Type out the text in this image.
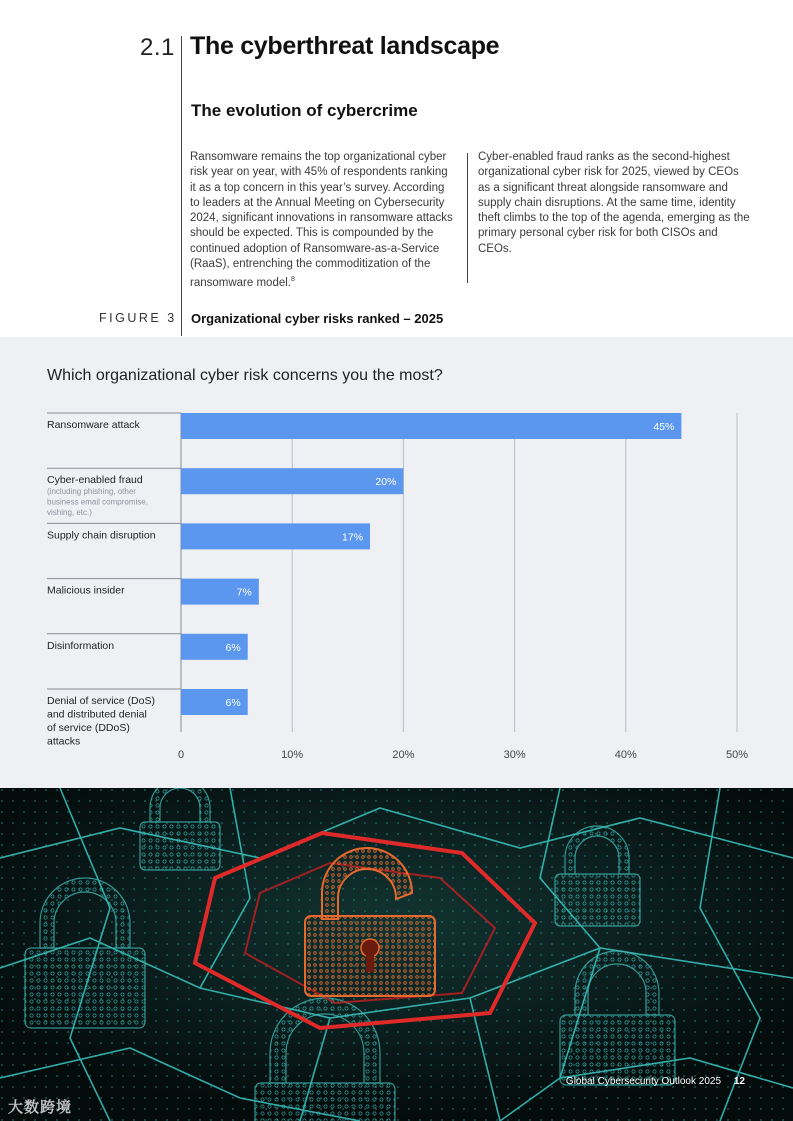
2.1 The cyberthreat landscape
The evolution of cybercrime
Ransomware remains the top organizational cyber risk year on year, with 45% of respondents ranking it as a top concern in this year’s survey. According to leaders at the Annual Meeting on Cybersecurity 2024, significant innovations in ransomware attacks should be expected. This is compounded by the continued adoption of Ransomware-as-a-Service (RaaS), entrenching the commoditization of the ransomware model.$^8$
Cyber-enabled fraud ranks as the second-highest organizational cyber risk for 2025, viewed by CEOs as a significant threat alongside ransomware and supply chain disruptions. At the same time, identity theft climbs to the top of the agenda, emerging as the primary personal cyber risk for both CISOs and CEOs.
FIGURE 3 Organizational cyber risks ranked – 2025
Which organizational cyber risk concerns you the most?
0	10%	20%	30%	40%	50%
45%
Ransomware attack
20%
Cyber-enabled fraud
(including phishing, other business email compromise, vishing, etc.)
17%
Supply chain disruption
7%
Malicious insider
6%
Disinformation
6%
Denial of service (DoS) and distributed denial of service (DDoS) attacks
Global Cybersecurity Outlook 2025 12
大数跨境
